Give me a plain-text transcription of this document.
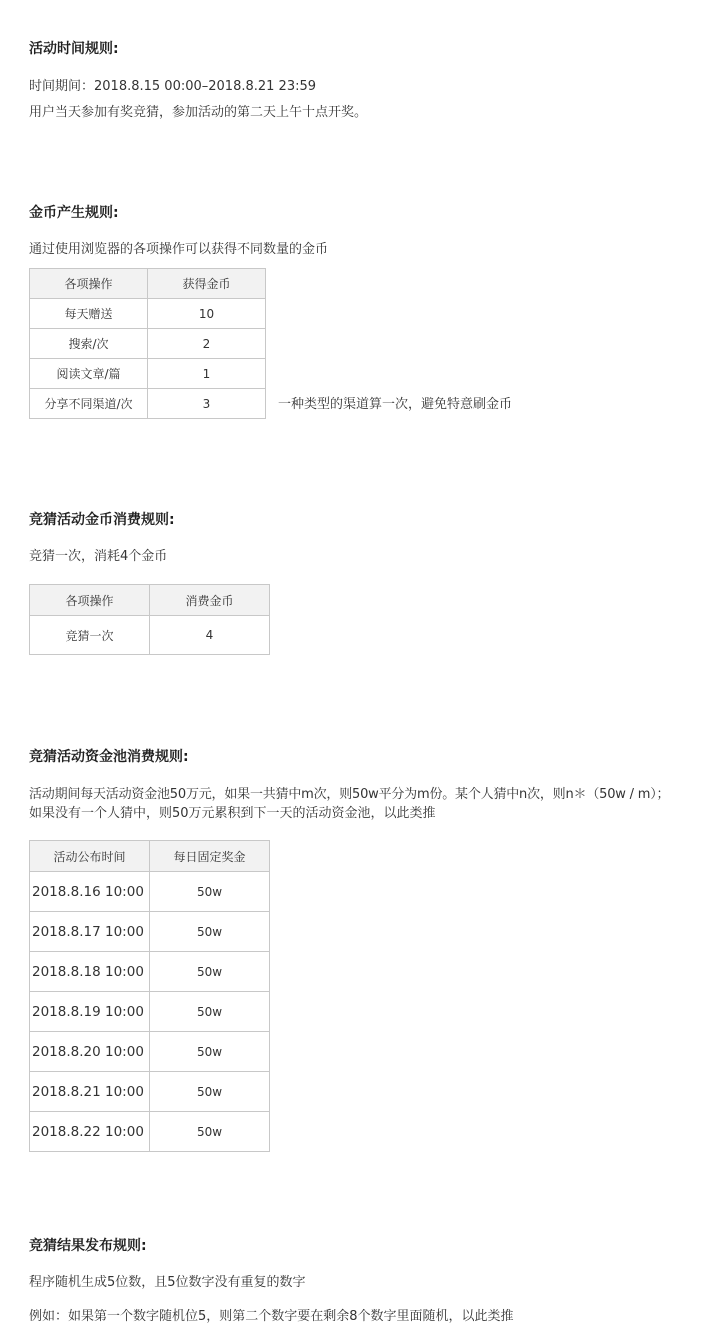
活动时间规则:
时间期间：2018.8.15 00:00–2018.8.21 23:59
用户当天参加有奖竞猜，参加活动的第二天上午十点开奖。
金币产生规则:
通过使用浏览器的各项操作可以获得不同数量的金币
各项操作	获得金币
每天赠送	10
搜索/次	2
阅读文章/篇	1
分享不同渠道/次	3	一种类型的渠道算一次，避免特意刷金币
竞猜活动金币消费规则:
竞猜一次，消耗4个金币
各项操作	消费金币
竞猜一次	4
竞猜活动资金池消费规则:
活动期间每天活动资金池50万元，如果一共猜中m次，则50w平分为m份。某个人猜中n次，则n＊（50w / m）；
如果没有一个人猜中，则50万元累积到下一天的活动资金池，以此类推
活动公布时间	每日固定奖金
2018.8.16 10:00	50w
2018.8.17 10:00	50w
2018.8.18 10:00	50w
2018.8.19 10:00	50w
2018.8.20 10:00	50w
2018.8.21 10:00	50w
2018.8.22 10:00	50w
竞猜结果发布规则:
程序随机生成5位数，且5位数字没有重复的数字
例如：如果第一个数字随机位5，则第二个数字要在剩余8个数字里面随机，以此类推
